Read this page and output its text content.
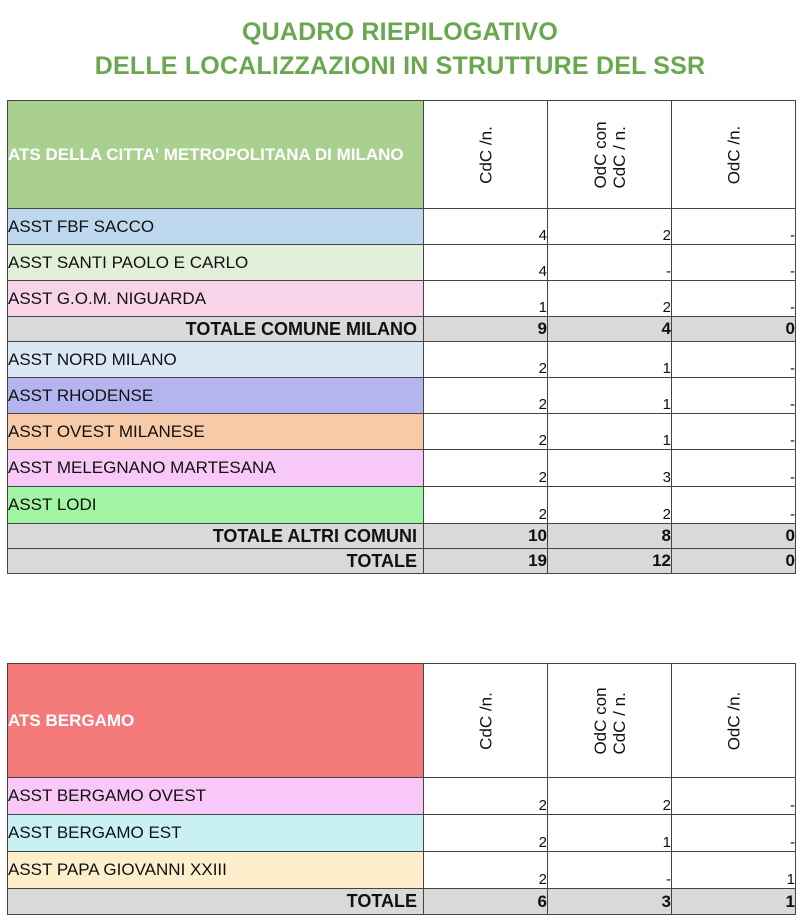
QUADRO RIEPILOGATIVO
DELLE LOCALIZZAZIONI IN STRUTTURE DEL SSR
ATS DELLA CITTA' METROPOLITANA DI MILANO	CdC /n.	OdC con CdC / n.	OdC /n.

ASST FBF SACCO	4	2	-
ASST SANTI PAOLO E CARLO	4	-	-
ASST G.O.M. NIGUARDA	1	2	-
TOTALE COMUNE MILANO	9	4	0
ASST NORD MILANO	2	1	-
ASST RHODENSE	2	1	-
ASST OVEST MILANESE	2	1	-
ASST MELEGNANO MARTESANA	2	3	-
ASST LODI	2	2	-
TOTALE ALTRI COMUNI	10	8	0
TOTALE	19	12	0
ATS BERGAMO	CdC /n.	OdC con CdC / n.	OdC /n.

ASST BERGAMO OVEST	2	2	-
ASST BERGAMO EST	2	1	-
ASST PAPA GIOVANNI XXIII	2	-	1
TOTALE	6	3	1
